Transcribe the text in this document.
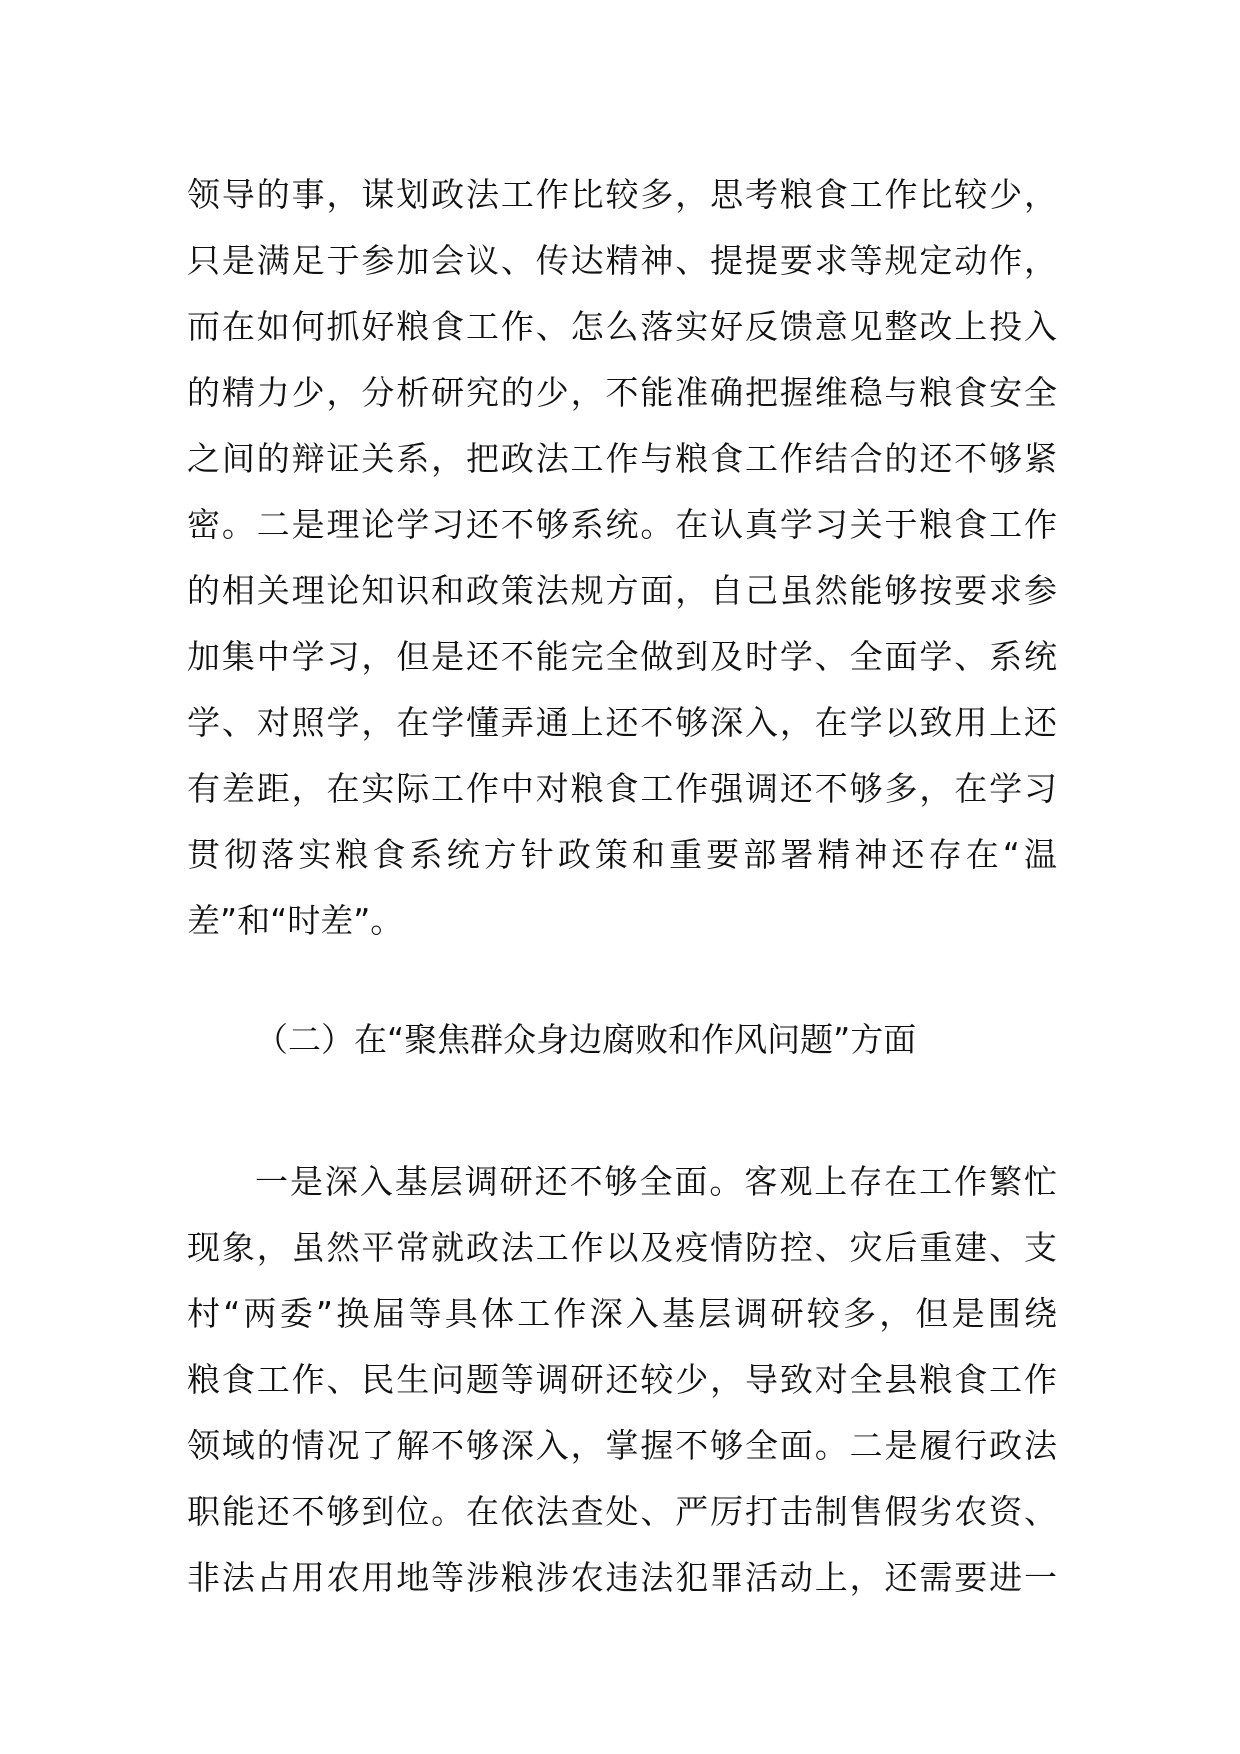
领导的事，谋划政法工作比较多，思考粮食工作比较少，
只是满足于参加会议、传达精神、提提要求等规定动作，
而在如何抓好粮食工作、怎么落实好反馈意见整改上投入
的精力少，分析研究的少，不能准确把握维稳与粮食安全
之间的辩证关系，把政法工作与粮食工作结合的还不够紧
密。二是理论学习还不够系统。在认真学习关于粮食工作
的相关理论知识和政策法规方面，自己虽然能够按要求参
加集中学习，但是还不能完全做到及时学、全面学、系统
学、对照学，在学懂弄通上还不够深入，在学以致用上还
有差距，在实际工作中对粮食工作强调还不够多，在学习
贯彻落实粮食系统方针政策和重要部署精神还存在“温
差”和“时差”。
（二）在“聚焦群众身边腐败和作风问题”方面
一是深入基层调研还不够全面。客观上存在工作繁忙
现象，虽然平常就政法工作以及疫情防控、灾后重建、支
村“两委”换届等具体工作深入基层调研较多，但是围绕
粮食工作、民生问题等调研还较少，导致对全县粮食工作
领域的情况了解不够深入，掌握不够全面。二是履行政法
职能还不够到位。在依法查处、严厉打击制售假劣农资、
非法占用农用地等涉粮涉农违法犯罪活动上，还需要进一
